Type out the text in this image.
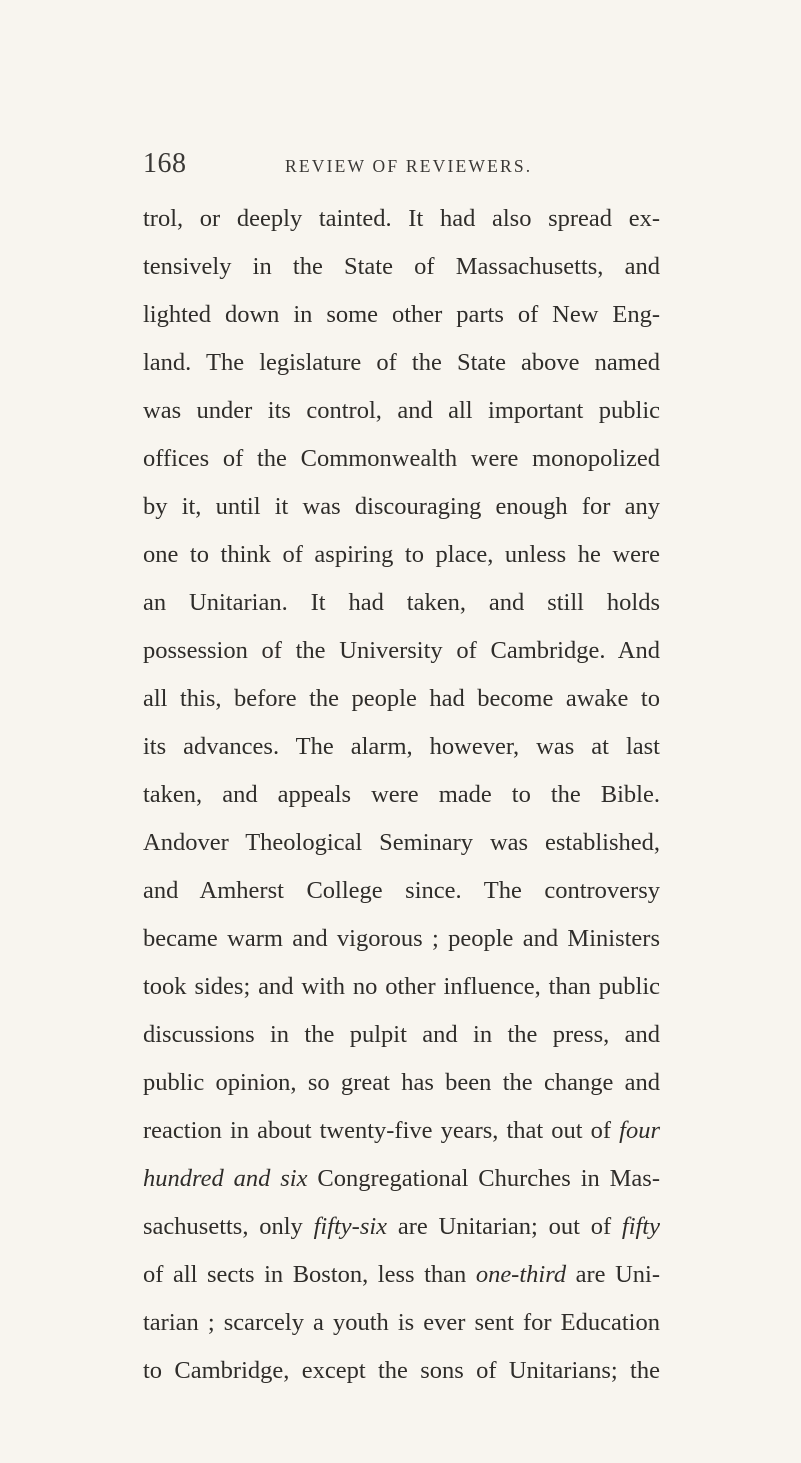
168	REVIEW OF REVIEWERS.
trol, or deeply tainted. It had also spread ex-
tensively in the State of Massachusetts, and
lighted down in some other parts of New Eng-
land. The legislature of the State above named
was under its control, and all important public
offices of the Commonwealth were monopolized
by it, until it was discouraging enough for any
one to think of aspiring to place, unless he were
an Unitarian. It had taken, and still holds
possession of the University of Cambridge. And
all this, before the people had become awake to
its advances. The alarm, however, was at last
taken, and appeals were made to the Bible.
Andover Theological Seminary was established,
and Amherst College since. The controversy
became warm and vigorous ; people and Ministers
took sides; and with no other influence, than public
discussions in the pulpit and in the press, and
public opinion, so great has been the change and
reaction in about twenty-five years, that out of four
hundred and six Congregational Churches in Mas-
sachusetts, only fifty-six are Unitarian; out of fifty
of all sects in Boston, less than one-third are Uni-
tarian ; scarcely a youth is ever sent for Education
to Cambridge, except the sons of Unitarians; the
